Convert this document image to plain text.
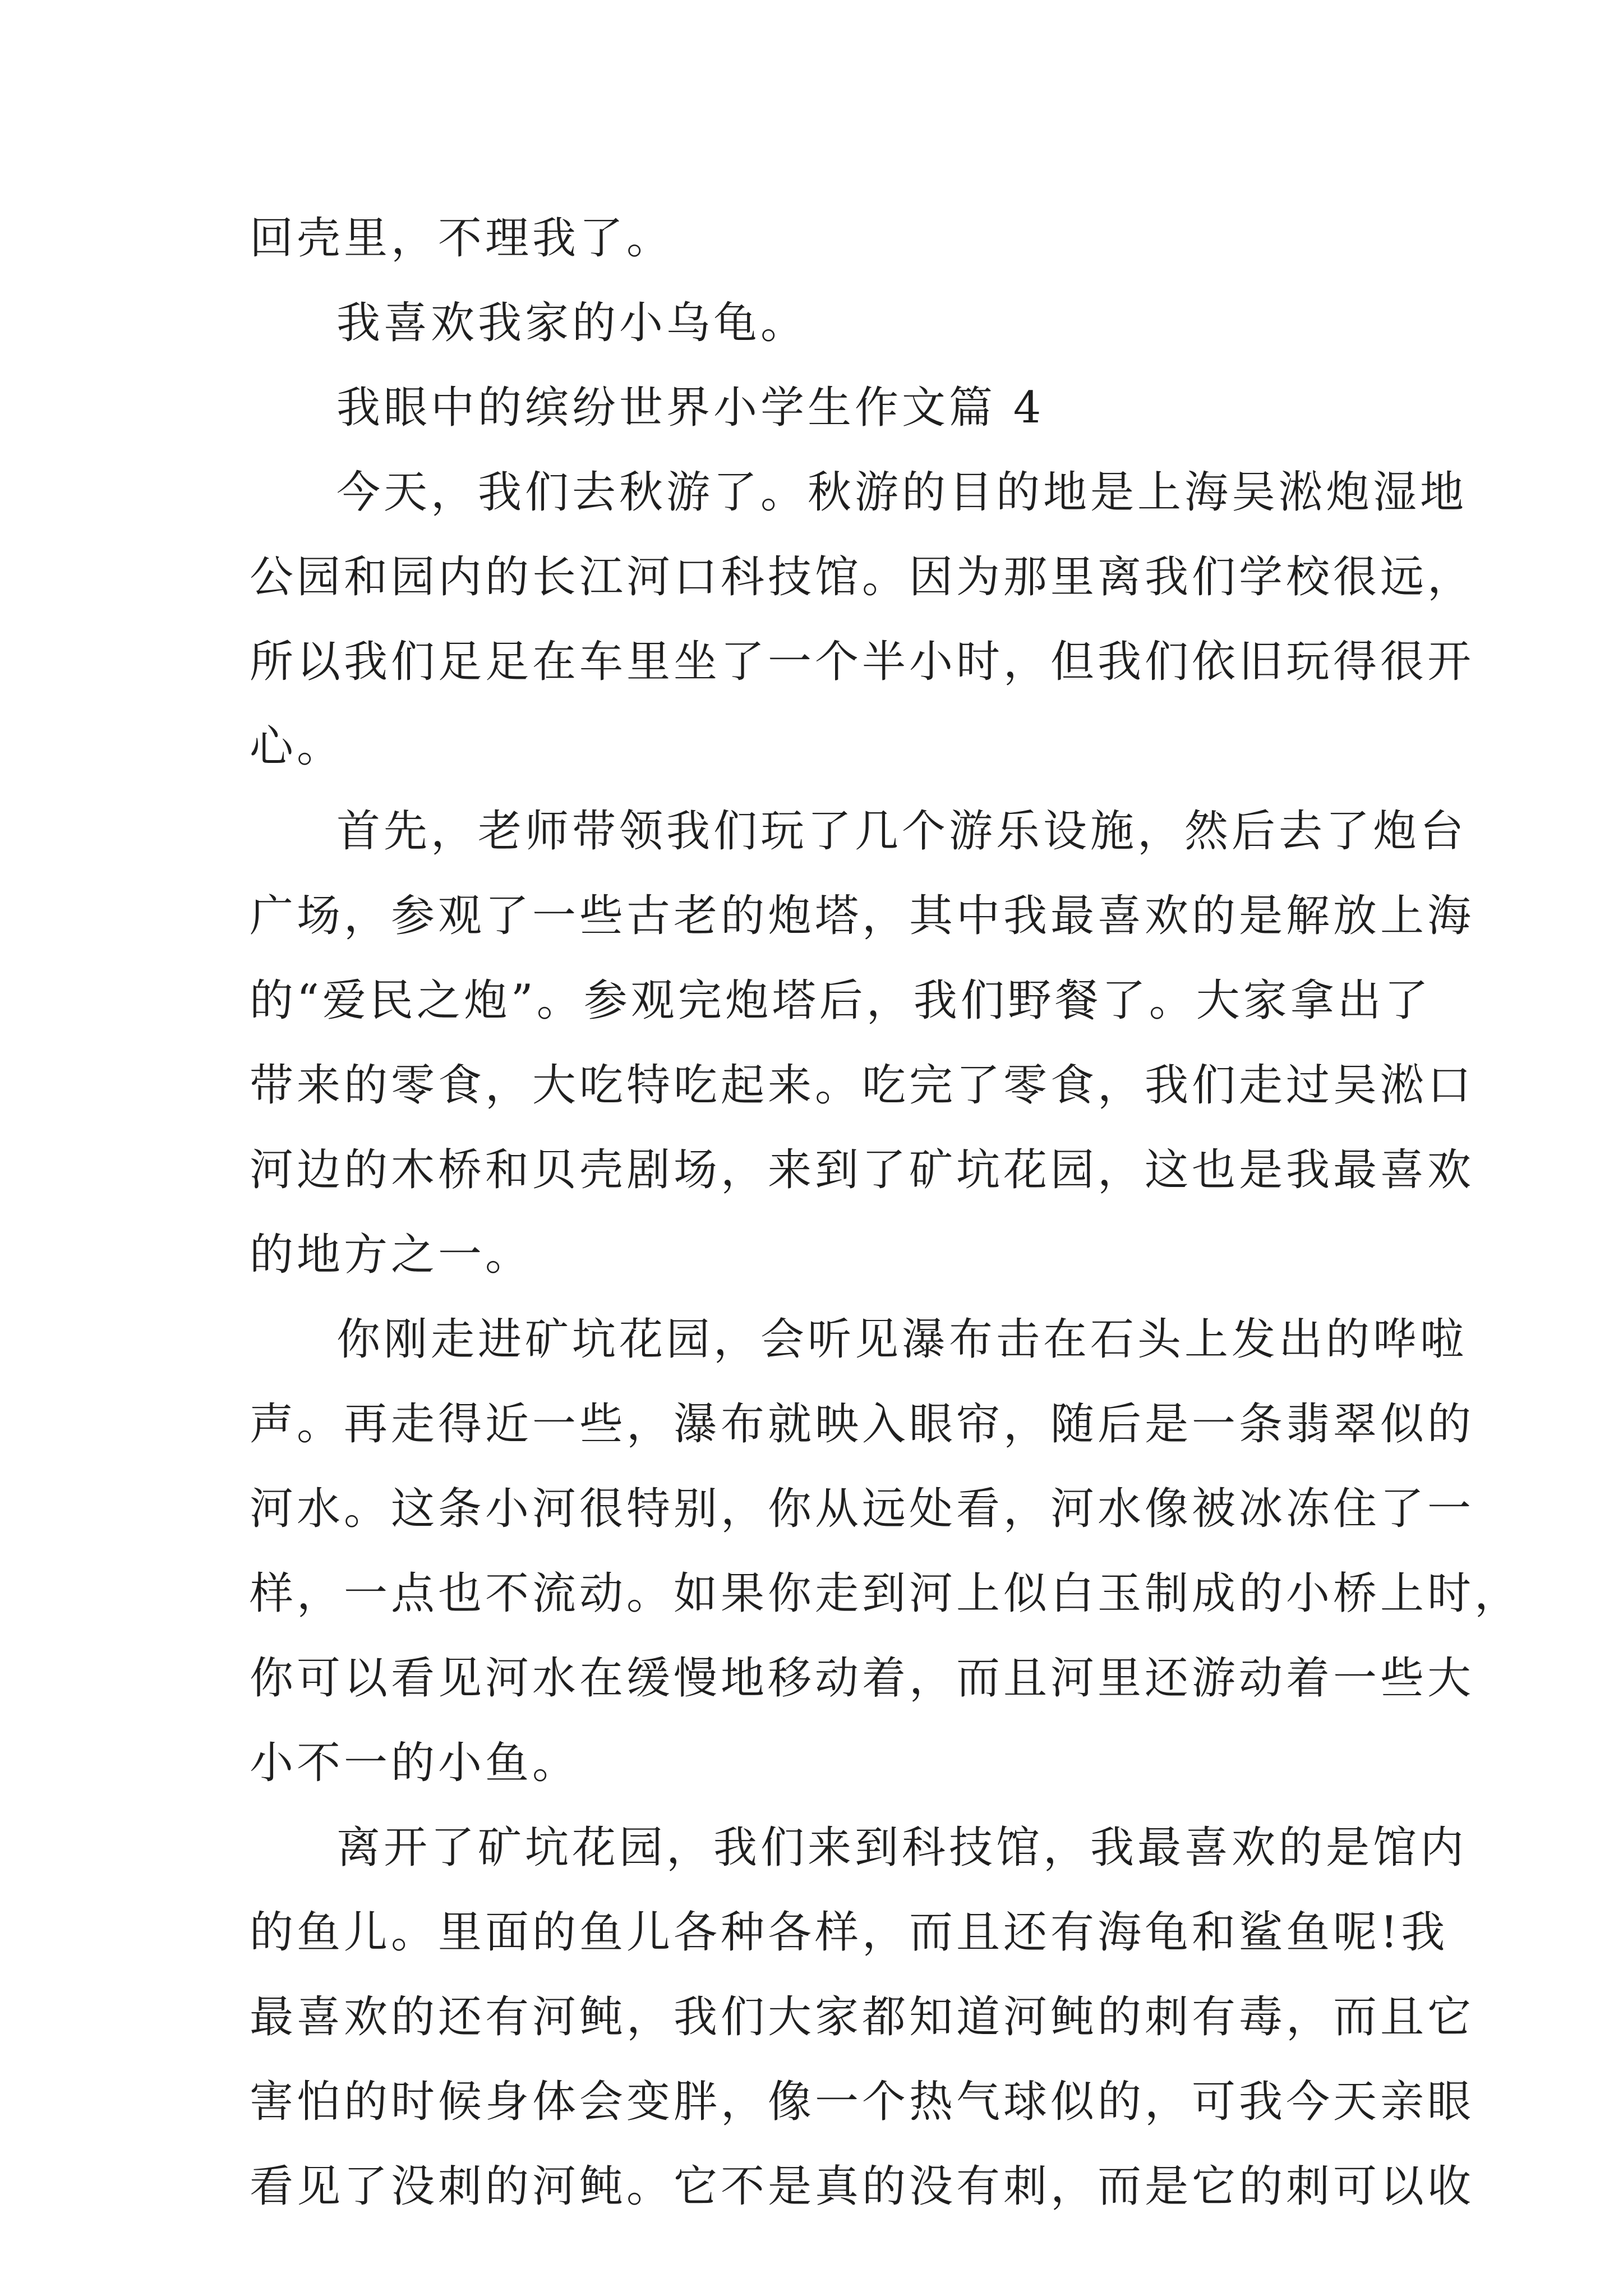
回壳里，不理我了。

我喜欢我家的小乌龟。

我眼中的缤纷世界小学生作文篇 4

今天，我们去秋游了。秋游的目的地是上海吴淞炮湿地
公园和园内的长江河口科技馆。因为那里离我们学校很远，
所以我们足足在车里坐了一个半小时，但我们依旧玩得很开
心。

首先，老师带领我们玩了几个游乐设施，然后去了炮台
广场，参观了一些古老的炮塔，其中我最喜欢的是解放上海
的“爱民之炮”。参观完炮塔后，我们野餐了。大家拿出了
带来的零食，大吃特吃起来。吃完了零食，我们走过吴淞口
河边的木桥和贝壳剧场，来到了矿坑花园，这也是我最喜欢
的地方之一。

你刚走进矿坑花园，会听见瀑布击在石头上发出的哗啦
声。再走得近一些，瀑布就映入眼帘，随后是一条翡翠似的
河水。这条小河很特别，你从远处看，河水像被冰冻住了一
样，一点也不流动。如果你走到河上似白玉制成的小桥上时，
你可以看见河水在缓慢地移动着，而且河里还游动着一些大
小不一的小鱼。

离开了矿坑花园，我们来到科技馆，我最喜欢的是馆内
的鱼儿。里面的鱼儿各种各样，而且还有海龟和鲨鱼呢!我
最喜欢的还有河鲀，我们大家都知道河鲀的刺有毒，而且它
害怕的时候身体会变胖，像一个热气球似的，可我今天亲眼
看见了没刺的河鲀。它不是真的没有刺，而是它的刺可以收
